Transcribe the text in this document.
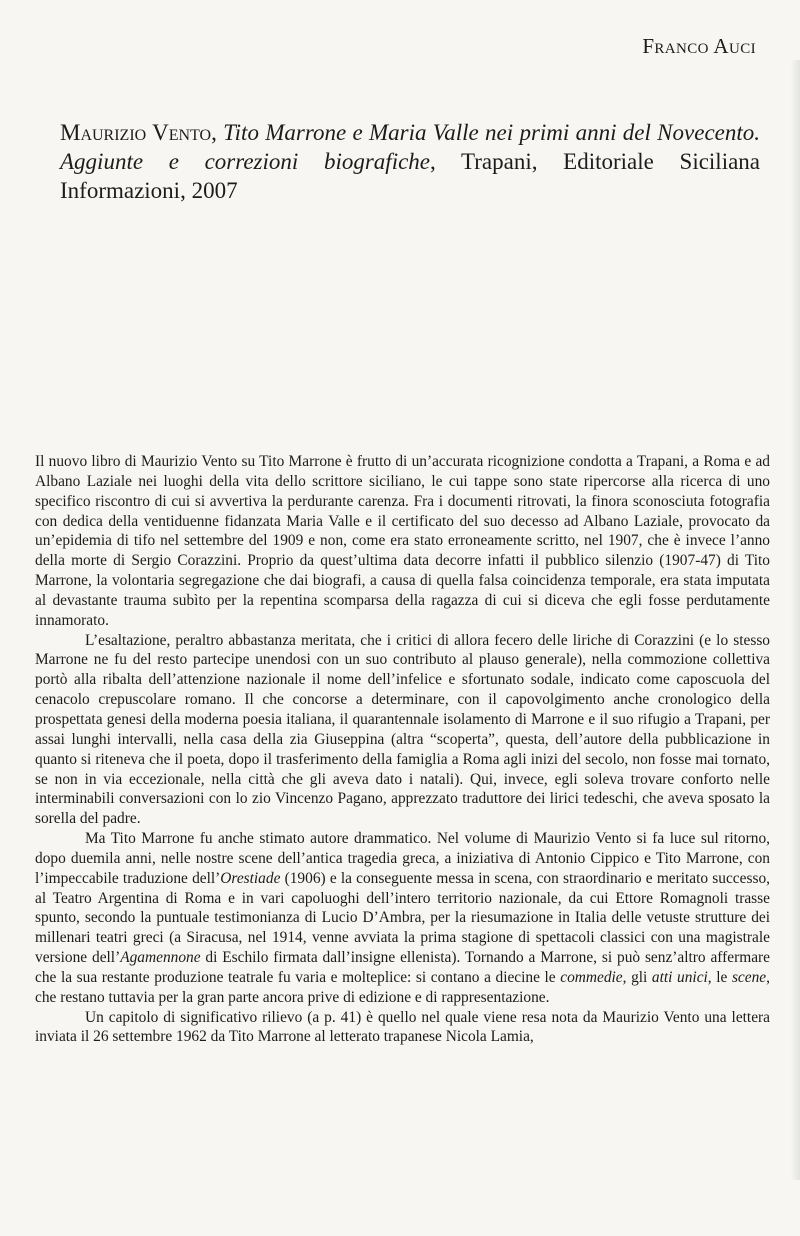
Franco Auci
Maurizio Vento, Tito Marrone e Maria Valle nei primi anni del Novecento. Aggiunte e correzioni biografiche, Trapani, Editoriale Siciliana Informazioni, 2007

Il nuovo libro di Maurizio Vento su Tito Marrone è frutto di un’accurata ricognizione condotta a Trapani, a Roma e ad Albano Laziale nei luoghi della vita dello scrittore siciliano, le cui tappe sono state ripercorse alla ricerca di uno specifico riscontro di cui si avvertiva la perdurante carenza. Fra i documenti ritrovati, la finora sconosciuta fotografia con dedica della ventiduenne fidanzata Maria Valle e il certificato del suo decesso ad Albano Laziale, provocato da un’epidemia di tifo nel settembre del 1909 e non, come era stato erroneamente scritto, nel 1907, che è invece l’anno della morte di Sergio Corazzini. Proprio da quest’ultima data decorre infatti il pubblico silenzio (1907-47) di Tito Marrone, la volontaria segregazione che dai biografi, a causa di quella falsa coincidenza temporale, era stata imputata al devastante trauma subìto per la repentina scomparsa della ragazza di cui si diceva che egli fosse perdutamente innamorato.

L’esaltazione, peraltro abbastanza meritata, che i critici di allora fecero delle liriche di Corazzini (e lo stesso Marrone ne fu del resto partecipe unendosi con un suo contributo al plauso generale), nella commozione collettiva portò alla ribalta dell’attenzione nazionale il nome dell’infelice e sfortunato sodale, indicato come caposcuola del cenacolo crepuscolare romano. Il che concorse a determinare, con il capovolgimento anche cronologico della prospettata genesi della moderna poesia italiana, il quarantennale isolamento di Marrone e il suo rifugio a Trapani, per assai lunghi intervalli, nella casa della zia Giuseppina (altra “scoperta”, questa, dell’autore della pubblicazione in quanto si riteneva che il poeta, dopo il trasferimento della famiglia a Roma agli inizi del secolo, non fosse mai tornato, se non in via eccezionale, nella città che gli aveva dato i natali). Qui, invece, egli soleva trovare conforto nelle interminabili conversazioni con lo zio Vincenzo Pagano, apprezzato traduttore dei lirici tedeschi, che aveva sposato la sorella del padre.

Ma Tito Marrone fu anche stimato autore drammatico. Nel volume di Maurizio Vento si fa luce sul ritorno, dopo duemila anni, nelle nostre scene dell’antica tragedia greca, a iniziativa di Antonio Cippico e Tito Marrone, con l’impeccabile traduzione dell’Orestiade (1906) e la conseguente messa in scena, con straordinario e meritato successo, al Teatro Argentina di Roma e in vari capoluoghi dell’intero territorio nazionale, da cui Ettore Romagnoli trasse spunto, secondo la puntuale testimonianza di Lucio D’Ambra, per la riesumazione in Italia delle vetuste strutture dei millenari teatri greci (a Siracusa, nel 1914, venne avviata la prima stagione di spettacoli classici con una magistrale versione dell’Agamennone di Eschilo firmata dall’insigne ellenista). Tornando a Marrone, si può senz’altro affermare che la sua restante produzione teatrale fu varia e molteplice: si contano a diecine le commedie, gli atti unici, le scene, che restano tuttavia per la gran parte ancora prive di edizione e di rappresentazione.

Un capitolo di significativo rilievo (a p. 41) è quello nel quale viene resa nota da Maurizio Vento una lettera inviata il 26 settembre 1962 da Tito Marrone al letterato trapanese Nicola Lamia,
